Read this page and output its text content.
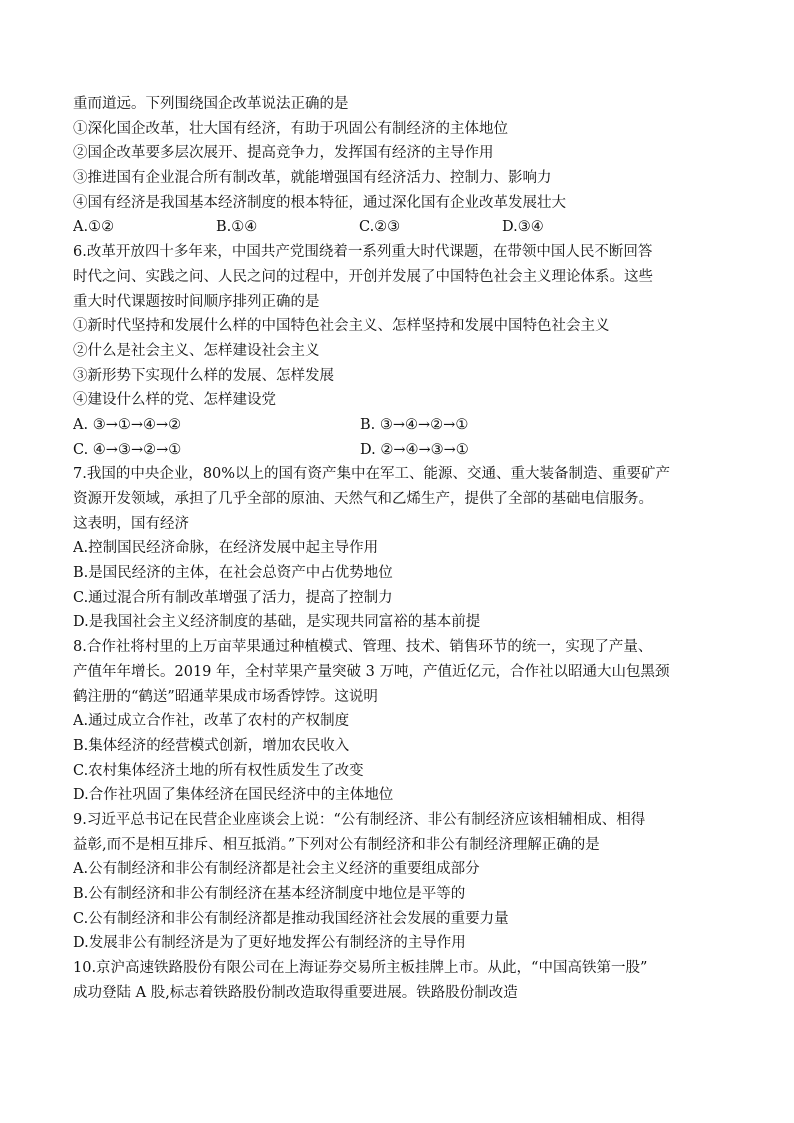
重而道远。下列围绕国企改革说法正确的是
①深化国企改革，壮大国有经济，有助于巩固公有制经济的主体地位
②国企改革要多层次展开、提高竞争力，发挥国有经济的主导作用
③推进国有企业混合所有制改革，就能增强国有经济活力、控制力、影响力
④国有经济是我国基本经济制度的根本特征，通过深化国有企业改革发展壮大
A.①②	B.①④	C.②③	D.③④
6.改革开放四十多年来，中国共产党围绕着一系列重大时代课题，在带领中国人民不断回答
时代之问、实践之问、人民之问的过程中，开创并发展了中国特色社会主义理论体系。这些
重大时代课题按时间顺序排列正确的是
①新时代坚持和发展什么样的中国特色社会主义、怎样坚持和发展中国特色社会主义
②什么是社会主义、怎样建设社会主义
③新形势下实现什么样的发展、怎样发展
④建设什么样的党、怎样建设党
A. ③→①→④→②	B. ③→④→②→①
C. ④→③→②→①	D. ②→④→③→①
7.我国的中央企业，80%以上的国有资产集中在军工、能源、交通、重大装备制造、重要矿产
资源开发领域，承担了几乎全部的原油、天然气和乙烯生产，提供了全部的基础电信服务。
这表明，国有经济
A.控制国民经济命脉，在经济发展中起主导作用
B.是国民经济的主体，在社会总资产中占优势地位
C.通过混合所有制改革增强了活力，提高了控制力
D.是我国社会主义经济制度的基础，是实现共同富裕的基本前提
8.合作社将村里的上万亩苹果通过种植模式、管理、技术、销售环节的统一，实现了产量、
产值年年增长。2019 年，全村苹果产量突破 3 万吨，产值近亿元，合作社以昭通大山包黑颈
鹤注册的“鹤送”昭通苹果成市场香饽饽。这说明
A.通过成立合作社，改革了农村的产权制度
B.集体经济的经营模式创新，增加农民收入
C.农村集体经济土地的所有权性质发生了改变
D.合作社巩固了集体经济在国民经济中的主体地位
9.习近平总书记在民营企业座谈会上说：“公有制经济、非公有制经济应该相辅相成、相得
益彰,而不是相互排斥、相互抵消。”下列对公有制经济和非公有制经济理解正确的是
A.公有制经济和非公有制经济都是社会主义经济的重要组成部分
B.公有制经济和非公有制经济在基本经济制度中地位是平等的
C.公有制经济和非公有制经济都是推动我国经济社会发展的重要力量
D.发展非公有制经济是为了更好地发挥公有制经济的主导作用
10.京沪高速铁路股份有限公司在上海证券交易所主板挂牌上市。从此，“中国高铁第一股”
成功登陆 A 股,标志着铁路股份制改造取得重要进展。铁路股份制改造
